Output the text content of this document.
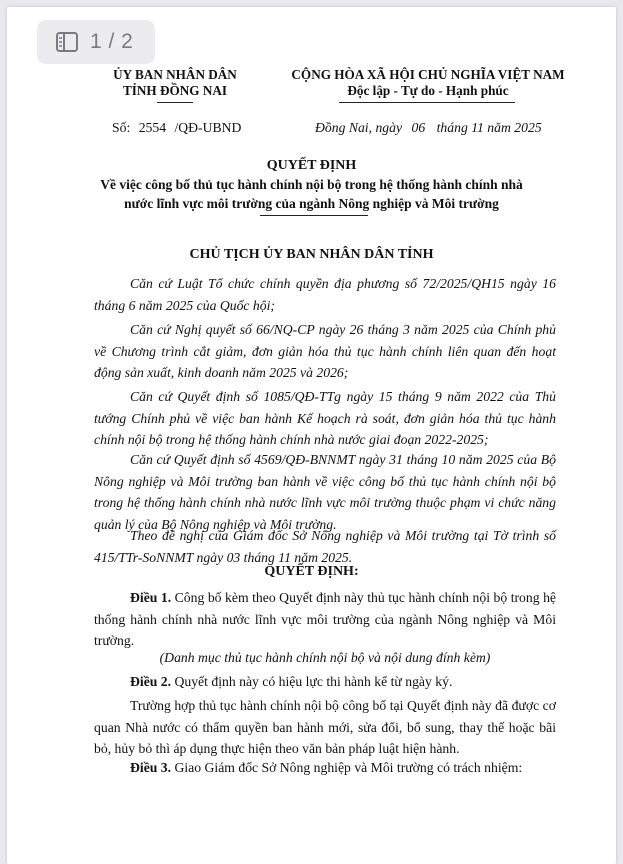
1 / 2
ỦY BAN NHÂN DÂN
TỈNH ĐỒNG NAI
CỘNG HÒA XÃ HỘI CHỦ NGHĨA VIỆT NAM
Độc lập - Tự do - Hạnh phúc
Số: 2554 /QĐ-UBND	Đồng Nai, ngày 06 tháng 11 năm 2025
QUYẾT ĐỊNH
Về việc công bố thủ tục hành chính nội bộ trong hệ thống hành chính nhà
nước lĩnh vực môi trường của ngành Nông nghiệp và Môi trường
CHỦ TỊCH ỦY BAN NHÂN DÂN TỈNH
Căn cứ Luật Tổ chức chính quyền địa phương số 72/2025/QH15 ngày 16 tháng 6 năm 2025 của Quốc hội;
Căn cứ Nghị quyết số 66/NQ-CP ngày 26 tháng 3 năm 2025 của Chính phủ về Chương trình cắt giảm, đơn giản hóa thủ tục hành chính liên quan đến hoạt động sản xuất, kinh doanh năm 2025 và 2026;
Căn cứ Quyết định số 1085/QĐ-TTg ngày 15 tháng 9 năm 2022 của Thủ tướng Chính phủ về việc ban hành Kế hoạch rà soát, đơn giản hóa thủ tục hành chính nội bộ trong hệ thống hành chính nhà nước giai đoạn 2022-2025;
Căn cứ Quyết định số 4569/QĐ-BNNMT ngày 31 tháng 10 năm 2025 của Bộ Nông nghiệp và Môi trường ban hành về việc công bố thủ tục hành chính nội bộ trong hệ thống hành chính nhà nước lĩnh vực môi trường thuộc phạm vi chức năng quản lý của Bộ Nông nghiệp và Môi trường.
Theo đề nghị của Giám đốc Sở Nông nghiệp và Môi trường tại Tờ trình số 415/TTr-SoNNMT ngày 03 tháng 11 năm 2025.
QUYẾT ĐỊNH:
Điều 1. Công bố kèm theo Quyết định này thủ tục hành chính nội bộ trong hệ thống hành chính nhà nước lĩnh vực môi trường của ngành Nông nghiệp và Môi trường.
(Danh mục thủ tục hành chính nội bộ và nội dung đính kèm)
Điều 2. Quyết định này có hiệu lực thi hành kể từ ngày ký.
Trường hợp thủ tục hành chính nội bộ công bố tại Quyết định này đã được cơ quan Nhà nước có thẩm quyền ban hành mới, sửa đổi, bổ sung, thay thế hoặc bãi bỏ, hủy bỏ thì áp dụng thực hiện theo văn bản pháp luật hiện hành.
Điều 3. Giao Giám đốc Sở Nông nghiệp và Môi trường có trách nhiệm:
